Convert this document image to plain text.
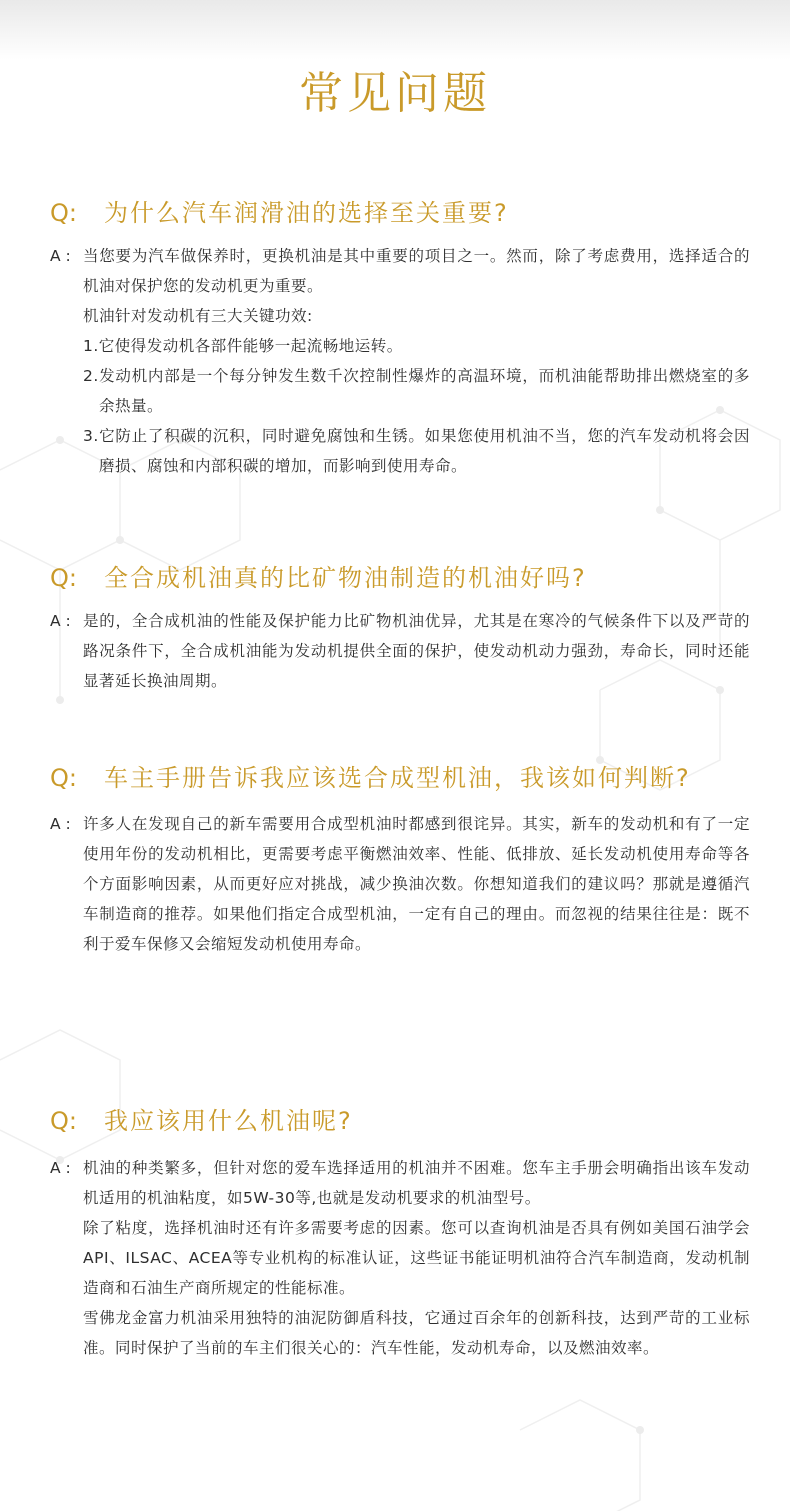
常见问题
Q:	为什么汽车润滑油的选择至关重要?
A : 当您要为汽车做保养时，更换机油是其中重要的项目之一。然而，除了考虑费用，选择适合的机油对保护您的发动机更为重要。

机油针对发动机有三大关键功效:

1.它使得发动机各部件能够一起流畅地运转。

2.发动机内部是一个每分钟发生数千次控制性爆炸的高温环境，而机油能帮助排出燃烧室的多余热量。

3.它防止了积碳的沉积，同时避免腐蚀和生锈。如果您使用机油不当，您的汽车发动机将会因磨损、腐蚀和内部积碳的增加，而影响到使用寿命。

Q:	全合成机油真的比矿物油制造的机油好吗?
A : 是的，全合成机油的性能及保护能力比矿物机油优异，尤其是在寒冷的气候条件下以及严苛的路况条件下，全合成机油能为发动机提供全面的保护，使发动机动力强劲，寿命长，同时还能显著延长换油周期。

Q:	车主手册告诉我应该选合成型机油，我该如何判断?
A : 许多人在发现自己的新车需要用合成型机油时都感到很诧异。其实，新车的发动机和有了一定使用年份的发动机相比，更需要考虑平衡燃油效率、性能、低排放、延长发动机使用寿命等各个方面影响因素，从而更好应对挑战，减少换油次数。你想知道我们的建议吗？那就是遵循汽车制造商的推荐。如果他们指定合成型机油，一定有自己的理由。而忽视的结果往往是：既不利于爱车保修又会缩短发动机使用寿命。

Q:	我应该用什么机油呢?
A : 机油的种类繁多，但针对您的爱车选择适用的机油并不困难。您车主手册会明确指出该车发动机适用的机油粘度，如5W-30等,也就是发动机要求的机油型号。

除了粘度，选择机油时还有许多需要考虑的因素。您可以查询机油是否具有例如美国石油学会API、ILSAC、ACEA等专业机构的标准认证，这些证书能证明机油符合汽车制造商，发动机制造商和石油生产商所规定的性能标准。

雪佛龙金富力机油采用独特的油泥防御盾科技，它通过百余年的创新科技，达到严苛的工业标准。同时保护了当前的车主们很关心的：汽车性能，发动机寿命，以及燃油效率。
